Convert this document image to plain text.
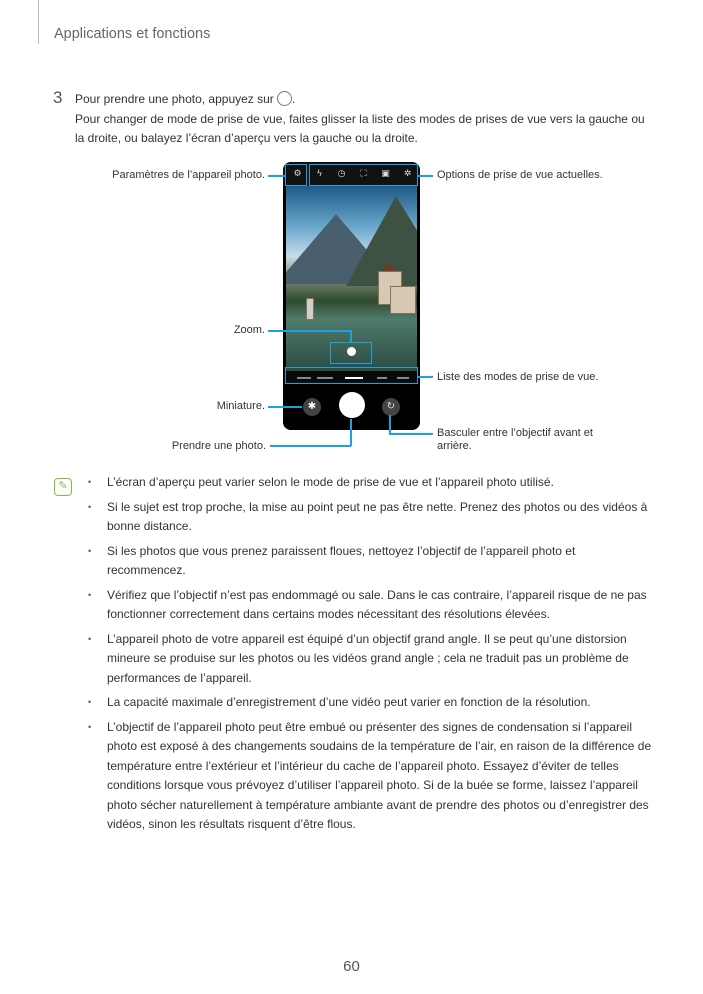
Applications et fonctions
3 Pour prendre une photo, appuyez sur .
Pour changer de mode de prise de vue, faites glisser la liste des modes de prises de vue vers la gauche ou
la droite, ou balayez l’écran d’aperçu vers la gauche ou la droite.
⚙	ϟ	◷ ⛶ ▣ ✲
✱	↻
Paramètres de l’appareil photo.	Options de prise de vue actuelles.
Zoom.
Liste des modes de prise de vue.
Miniature.
Basculer entre l’objectif avant et
arrière.
Prendre une photo.
✎
•	L’écran d’aperçu peut varier selon le mode de prise de vue et l’appareil photo utilisé.
• Si le sujet est trop proche, la mise au point peut ne pas être nette. Prenez des photos ou des vidéos à bonne distance.
• Si les photos que vous prenez paraissent floues, nettoyez l’objectif de l’appareil photo et recommencez.
• Vérifiez que l’objectif n’est pas endommagé ou sale. Dans le cas contraire, l’appareil risque de ne pas fonctionner correctement dans certains modes nécessitant des résolutions élevées.
• L’appareil photo de votre appareil est équipé d’un objectif grand angle. Il se peut qu’une distorsion mineure se produise sur les photos ou les vidéos grand angle ; cela ne traduit pas un problème de performances de l’appareil.
• La capacité maximale d’enregistrement d’une vidéo peut varier en fonction de la résolution.
• L’objectif de l’appareil photo peut être embué ou présenter des signes de condensation si l’appareil photo est exposé à des changements soudains de la température de l’air, en raison de la différence de température entre l’extérieur et l’intérieur du cache de l’appareil photo. Essayez d’éviter de telles conditions lorsque vous prévoyez d’utiliser l’appareil photo. Si de la buée se forme, laissez l’appareil photo sécher naturellement à température ambiante avant de prendre des photos ou d’enregistrer des vidéos, sinon les résultats risquent d’être flous.
60
